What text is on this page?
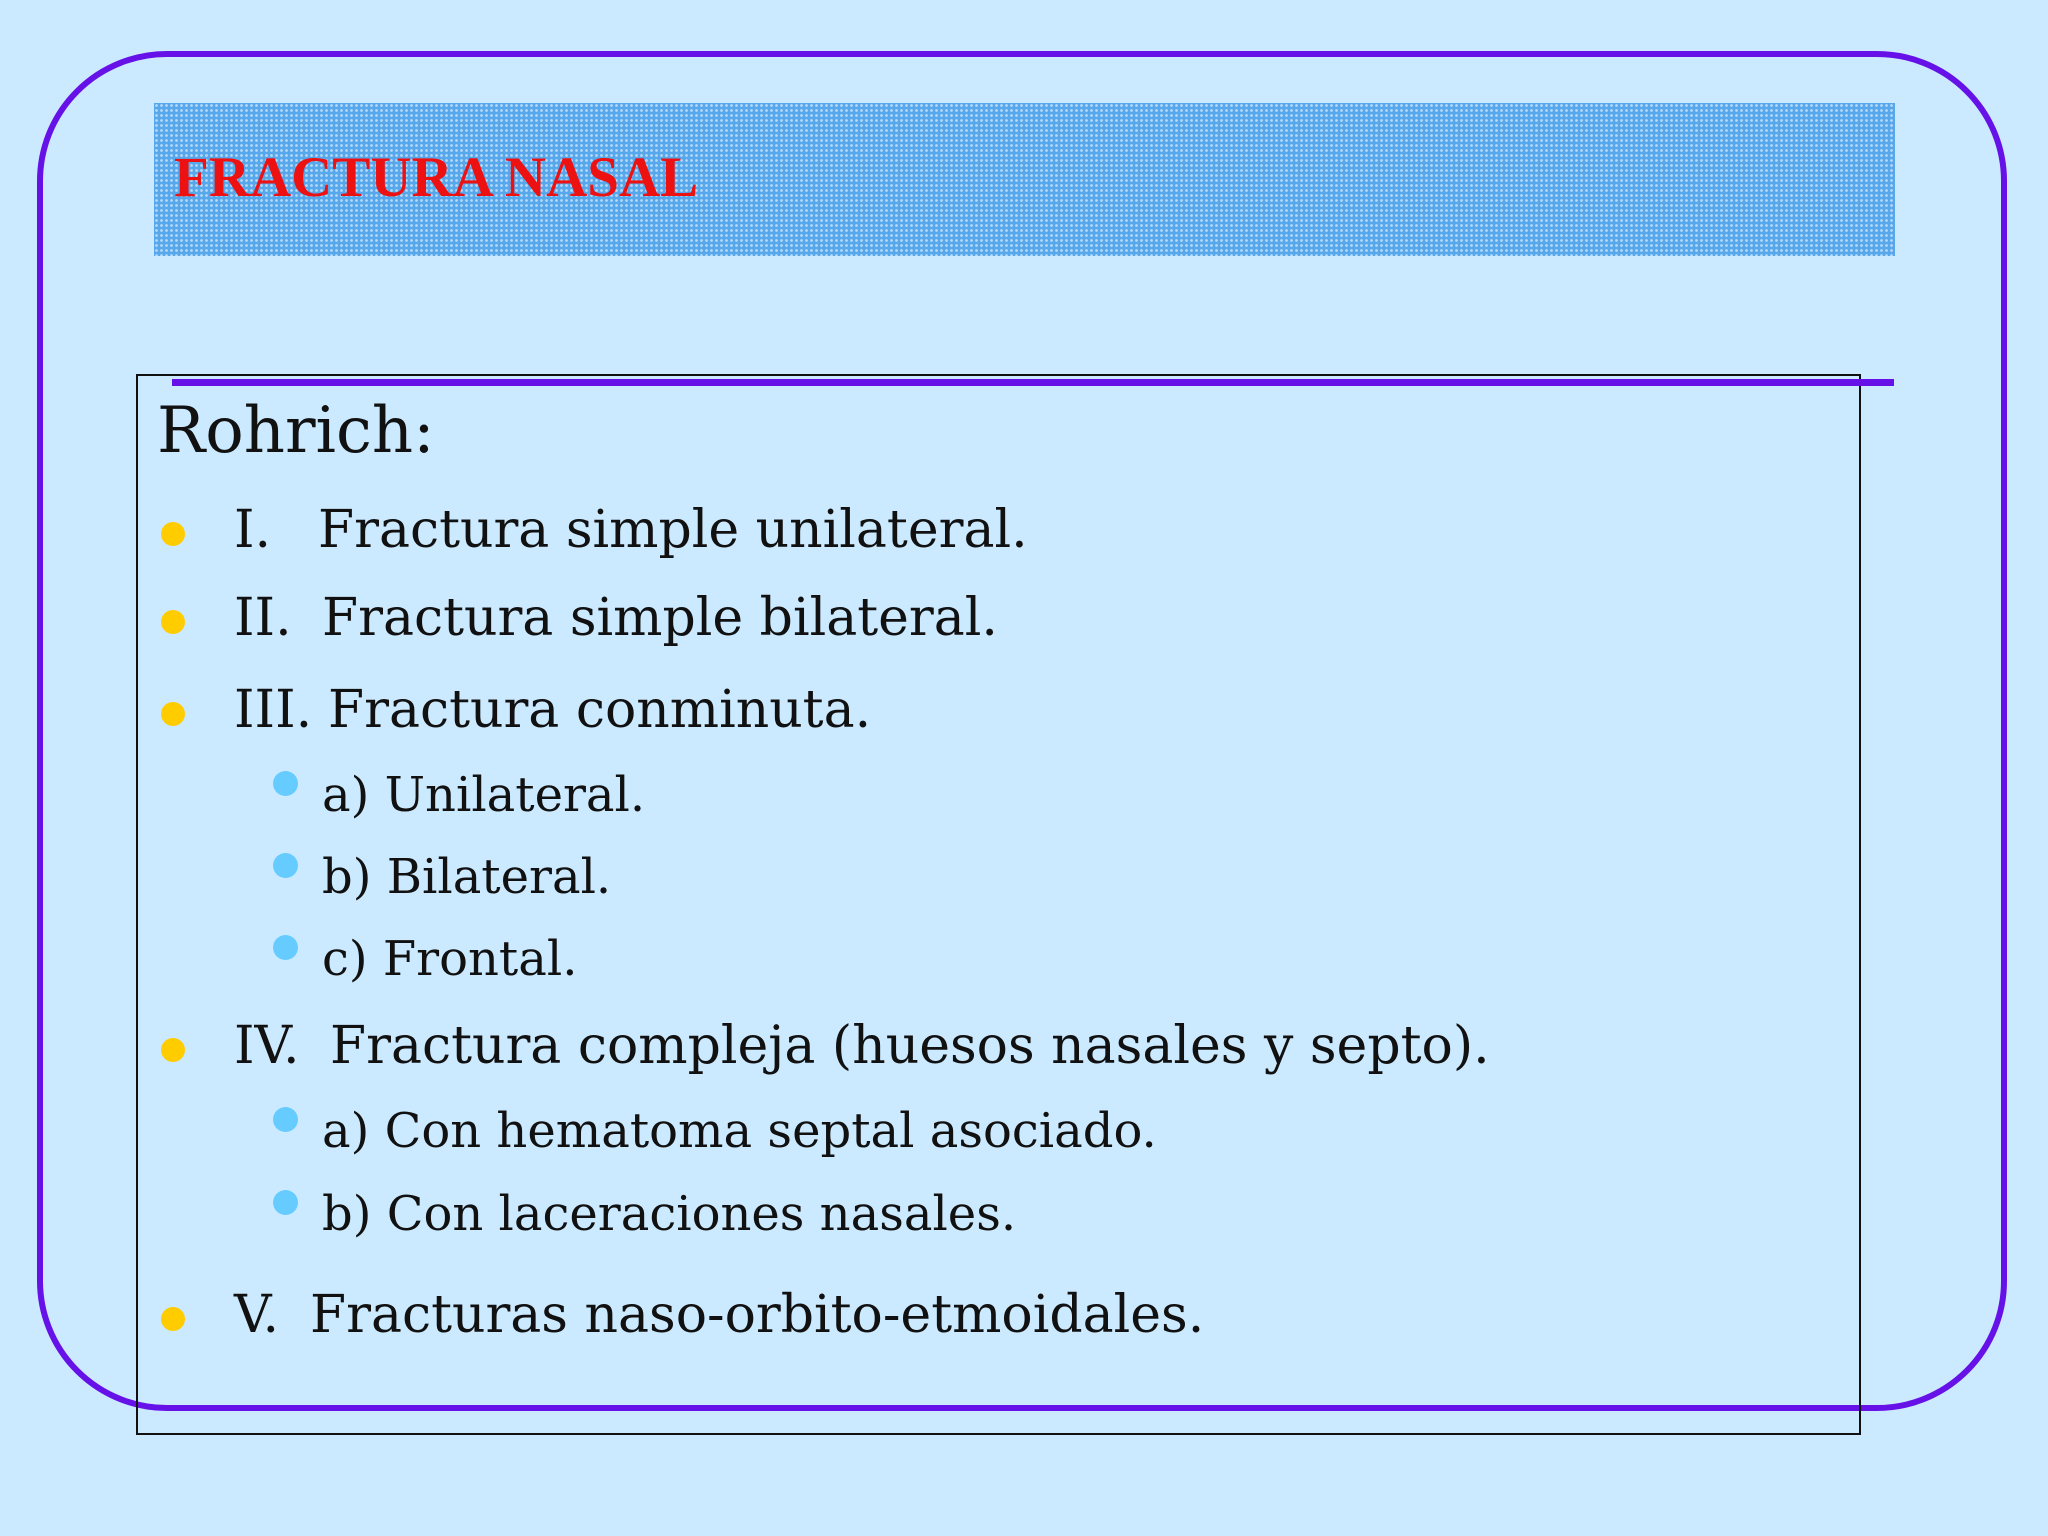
FRACTURA NASAL
Rohrich:
I. Fractura simple unilateral.
II. Fractura simple bilateral.
III. Fractura conminuta.
a) Unilateral.
b) Bilateral.
c) Frontal.
IV. Fractura compleja (huesos nasales y septo).
a) Con hematoma septal asociado.
b) Con laceraciones nasales.
V. Fracturas naso-orbito-etmoidales.
